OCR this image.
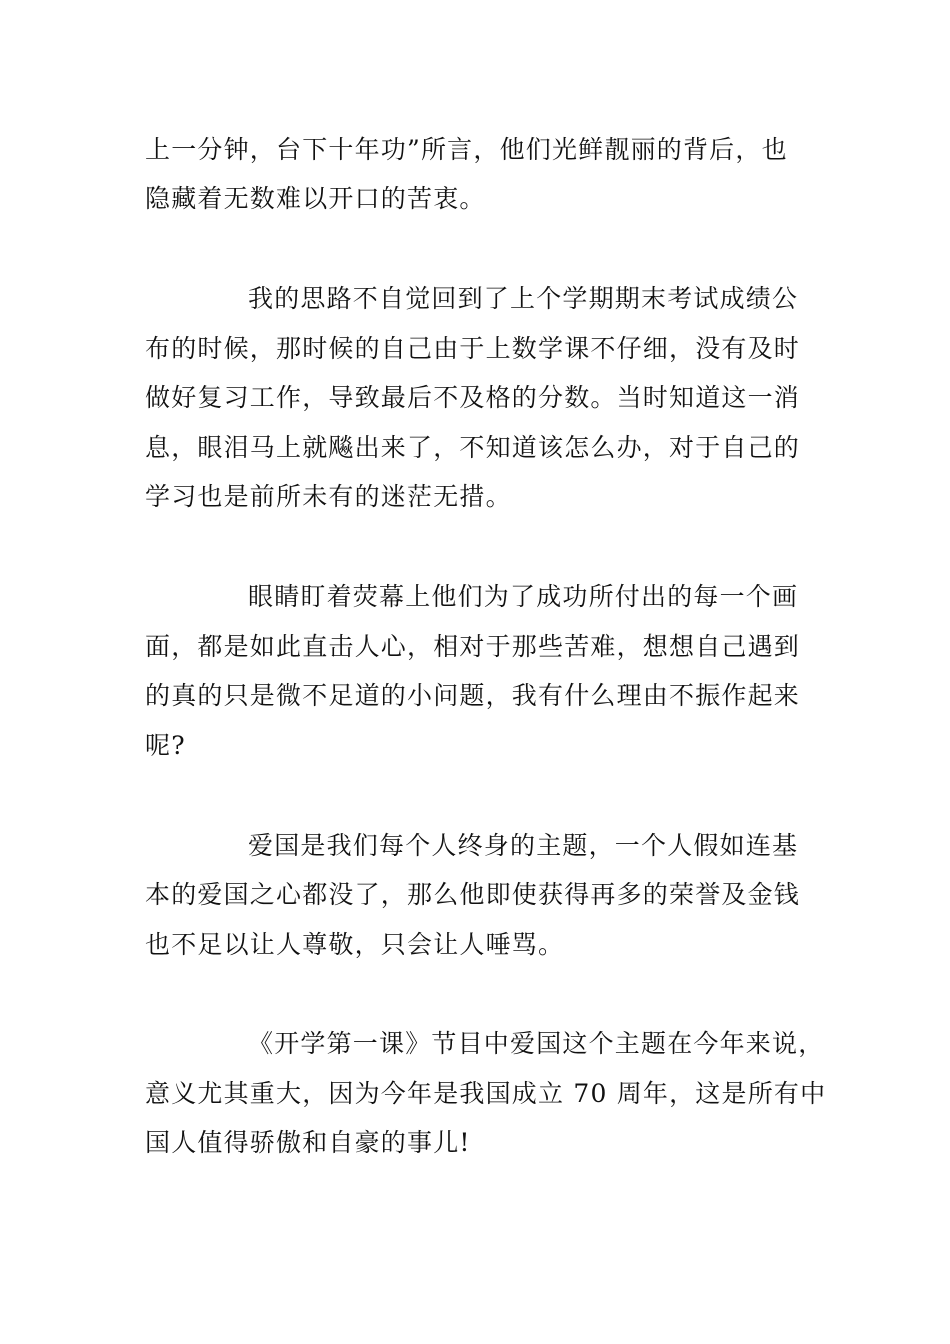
上一分钟，台下十年功”所言，他们光鲜靓丽的背后，也
隐藏着无数难以开口的苦衷。
我的思路不自觉回到了上个学期期末考试成绩公
布的时候，那时候的自己由于上数学课不仔细，没有及时
做好复习工作，导致最后不及格的分数。当时知道这一消
息，眼泪马上就飚出来了，不知道该怎么办，对于自己的
学习也是前所未有的迷茫无措。
眼睛盯着荧幕上他们为了成功所付出的每一个画
面，都是如此直击人心，相对于那些苦难，想想自己遇到
的真的只是微不足道的小问题，我有什么理由不振作起来
呢?
爱国是我们每个人终身的主题，一个人假如连基
本的爱国之心都没了，那么他即使获得再多的荣誉及金钱
也不足以让人尊敬，只会让人唾骂。
《开学第一课》节目中爱国这个主题在今年来说，
意义尤其重大，因为今年是我国成立 70 周年，这是所有中
国人值得骄傲和自豪的事儿!
